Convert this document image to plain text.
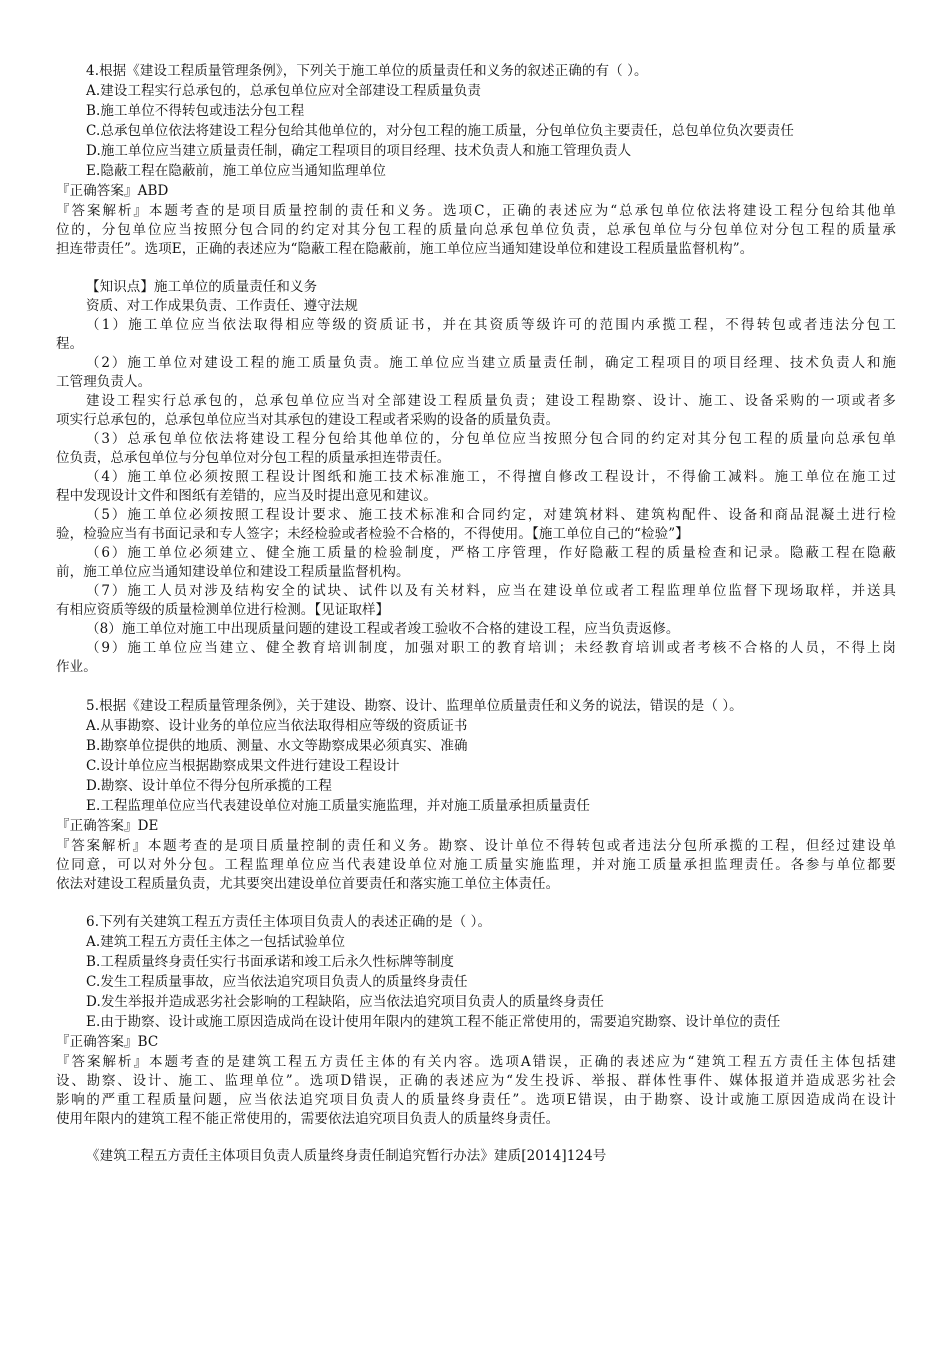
4.根据《建设工程质量管理条例》，下列关于施工单位的质量责任和义务的叙述正确的有（ ）。
A.建设工程实行总承包的，总承包单位应对全部建设工程质量负责
B.施工单位不得转包或违法分包工程
C.总承包单位依法将建设工程分包给其他单位的，对分包工程的施工质量，分包单位负主要责任，总包单位负次要责任
D.施工单位应当建立质量责任制，确定工程项目的项目经理、技术负责人和施工管理负责人
E.隐蔽工程在隐蔽前，施工单位应当通知监理单位
『正确答案』ABD
『答案解析』本题考查的是项目质量控制的责任和义务。选项C，正确的表述应为“总承包单位依法将建设工程分包给其他单
位的，分包单位应当按照分包合同的约定对其分包工程的质量向总承包单位负责，总承包单位与分包单位对分包工程的质量承
担连带责任”。选项E，正确的表述应为“隐蔽工程在隐蔽前，施工单位应当通知建设单位和建设工程质量监督机构”。
【知识点】施工单位的质量责任和义务
资质、对工作成果负责、工作责任、遵守法规
（1）施工单位应当依法取得相应等级的资质证书，并在其资质等级许可的范围内承揽工程，不得转包或者违法分包工
程。
（2）施工单位对建设工程的施工质量负责。施工单位应当建立质量责任制，确定工程项目的项目经理、技术负责人和施
工管理负责人。
建设工程实行总承包的，总承包单位应当对全部建设工程质量负责；建设工程勘察、设计、施工、设备采购的一项或者多
项实行总承包的，总承包单位应当对其承包的建设工程或者采购的设备的质量负责。
（3）总承包单位依法将建设工程分包给其他单位的，分包单位应当按照分包合同的约定对其分包工程的质量向总承包单
位负责，总承包单位与分包单位对分包工程的质量承担连带责任。
（4）施工单位必须按照工程设计图纸和施工技术标准施工，不得擅自修改工程设计，不得偷工减料。施工单位在施工过
程中发现设计文件和图纸有差错的，应当及时提出意见和建议。
（5）施工单位必须按照工程设计要求、施工技术标准和合同约定，对建筑材料、建筑构配件、设备和商品混凝土进行检
验，检验应当有书面记录和专人签字；未经检验或者检验不合格的，不得使用。【施工单位自己的“检验”】
（6）施工单位必须建立、健全施工质量的检验制度，严格工序管理，作好隐蔽工程的质量检查和记录。隐蔽工程在隐蔽
前，施工单位应当通知建设单位和建设工程质量监督机构。
（7）施工人员对涉及结构安全的试块、试件以及有关材料，应当在建设单位或者工程监理单位监督下现场取样，并送具
有相应资质等级的质量检测单位进行检测。【见证取样】
（8）施工单位对施工中出现质量问题的建设工程或者竣工验收不合格的建设工程，应当负责返修。
（9）施工单位应当建立、健全教育培训制度，加强对职工的教育培训；未经教育培训或者考核不合格的人员，不得上岗
作业。
5.根据《建设工程质量管理条例》，关于建设、勘察、设计、监理单位质量责任和义务的说法，错误的是（ ）。
A.从事勘察、设计业务的单位应当依法取得相应等级的资质证书
B.勘察单位提供的地质、测量、水文等勘察成果必须真实、准确
C.设计单位应当根据勘察成果文件进行建设工程设计
D.勘察、设计单位不得分包所承揽的工程
E.工程监理单位应当代表建设单位对施工质量实施监理，并对施工质量承担质量责任
『正确答案』DE
『答案解析』本题考查的是项目质量控制的责任和义务。勘察、设计单位不得转包或者违法分包所承揽的工程，但经过建设单
位同意，可以对外分包。工程监理单位应当代表建设单位对施工质量实施监理，并对施工质量承担监理责任。各参与单位都要
依法对建设工程质量负责，尤其要突出建设单位首要责任和落实施工单位主体责任。
6.下列有关建筑工程五方责任主体项目负责人的表述正确的是（ ）。
A.建筑工程五方责任主体之一包括试验单位
B.工程质量终身责任实行书面承诺和竣工后永久性标牌等制度
C.发生工程质量事故，应当依法追究项目负责人的质量终身责任
D.发生举报并造成恶劣社会影响的工程缺陷，应当依法追究项目负责人的质量终身责任
E.由于勘察、设计或施工原因造成尚在设计使用年限内的建筑工程不能正常使用的，需要追究勘察、设计单位的责任
『正确答案』BC
『答案解析』本题考查的是建筑工程五方责任主体的有关内容。选项A错误，正确的表述应为“建筑工程五方责任主体包括建
设、勘察、设计、施工、监理单位”。选项D错误，正确的表述应为“发生投诉、举报、群体性事件、媒体报道并造成恶劣社会
影响的严重工程质量问题，应当依法追究项目负责人的质量终身责任”。选项E错误，由于勘察、设计或施工原因造成尚在设计
使用年限内的建筑工程不能正常使用的，需要依法追究项目负责人的质量终身责任。
《建筑工程五方责任主体项目负责人质量终身责任制追究暂行办法》建质[2014]124号
